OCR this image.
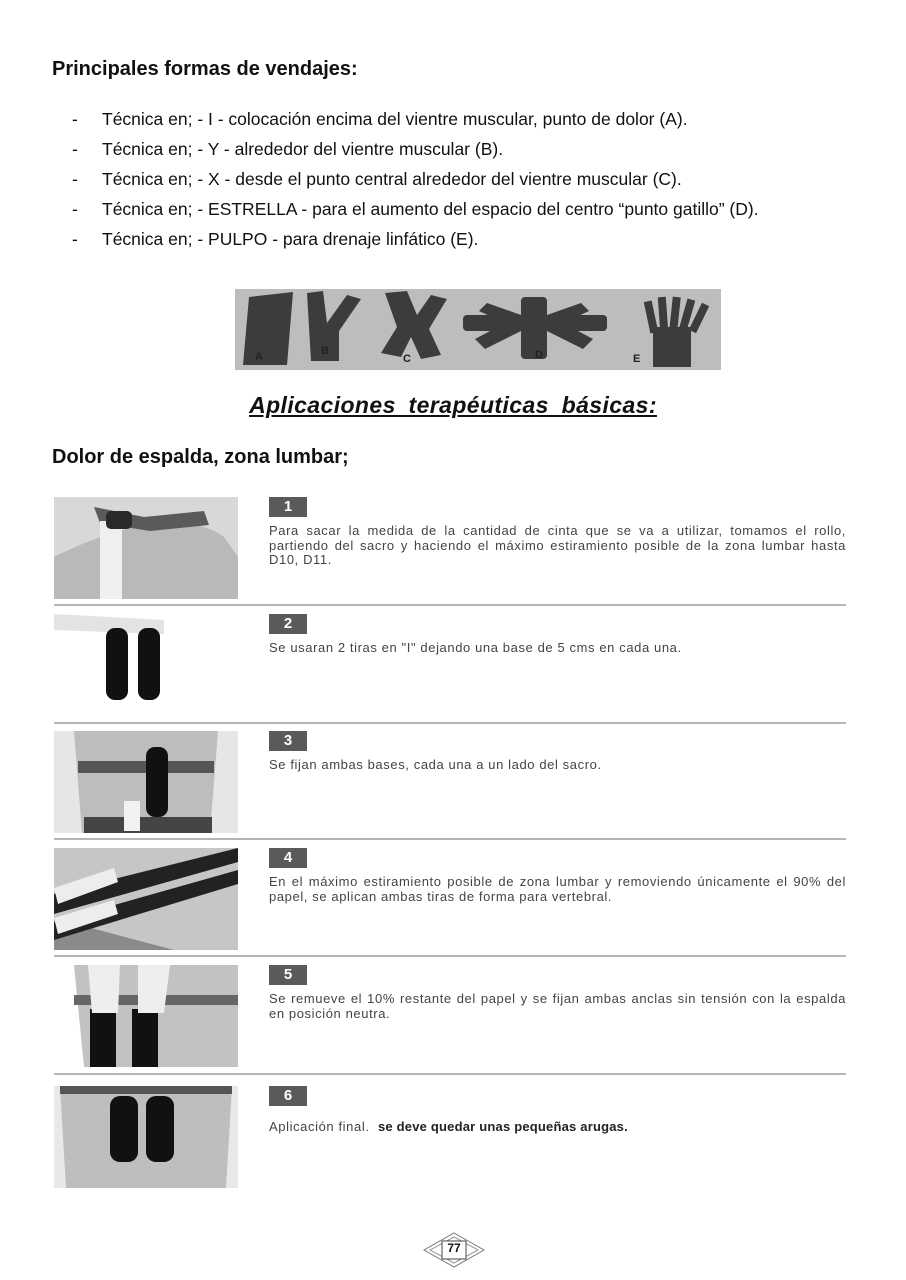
Principales formas de vendajes:
- Técnica en; - I - colocación encima del vientre muscular, punto de dolor (A).
- Técnica en; - Y - alrededor del vientre muscular (B).
- Técnica en; - X - desde el punto central alrededor del vientre muscular (C).
- Técnica en; - ESTRELLA - para el aumento del espacio del centro “punto gatillo” (D).
- Técnica en; - PULPO - para drenaje linfático (E).
A	B
C	D	E
Aplicaciones terapéuticas básicas:
Dolor de espalda, zona lumbar;
1
Para sacar la medida de la cantidad de cinta que se va a utilizar, tomamos el rollo, partiendo del sacro y haciendo el máximo estiramiento posible de la zona lumbar hasta D10, D11.
2
Se usaran 2 tiras en "I" dejando una base de 5 cms en cada una.
3
Se fijan ambas bases, cada una a un lado del sacro.
4
En el máximo estiramiento posible de zona lumbar y removiendo únicamente el 90% del papel, se aplican ambas tiras de forma para vertebral.
5
Se remueve el 10% restante del papel y se fijan ambas anclas sin tensión con la espalda en posición neutra.
6
Aplicación final. se deve quedar unas pequeñas arugas.
77
